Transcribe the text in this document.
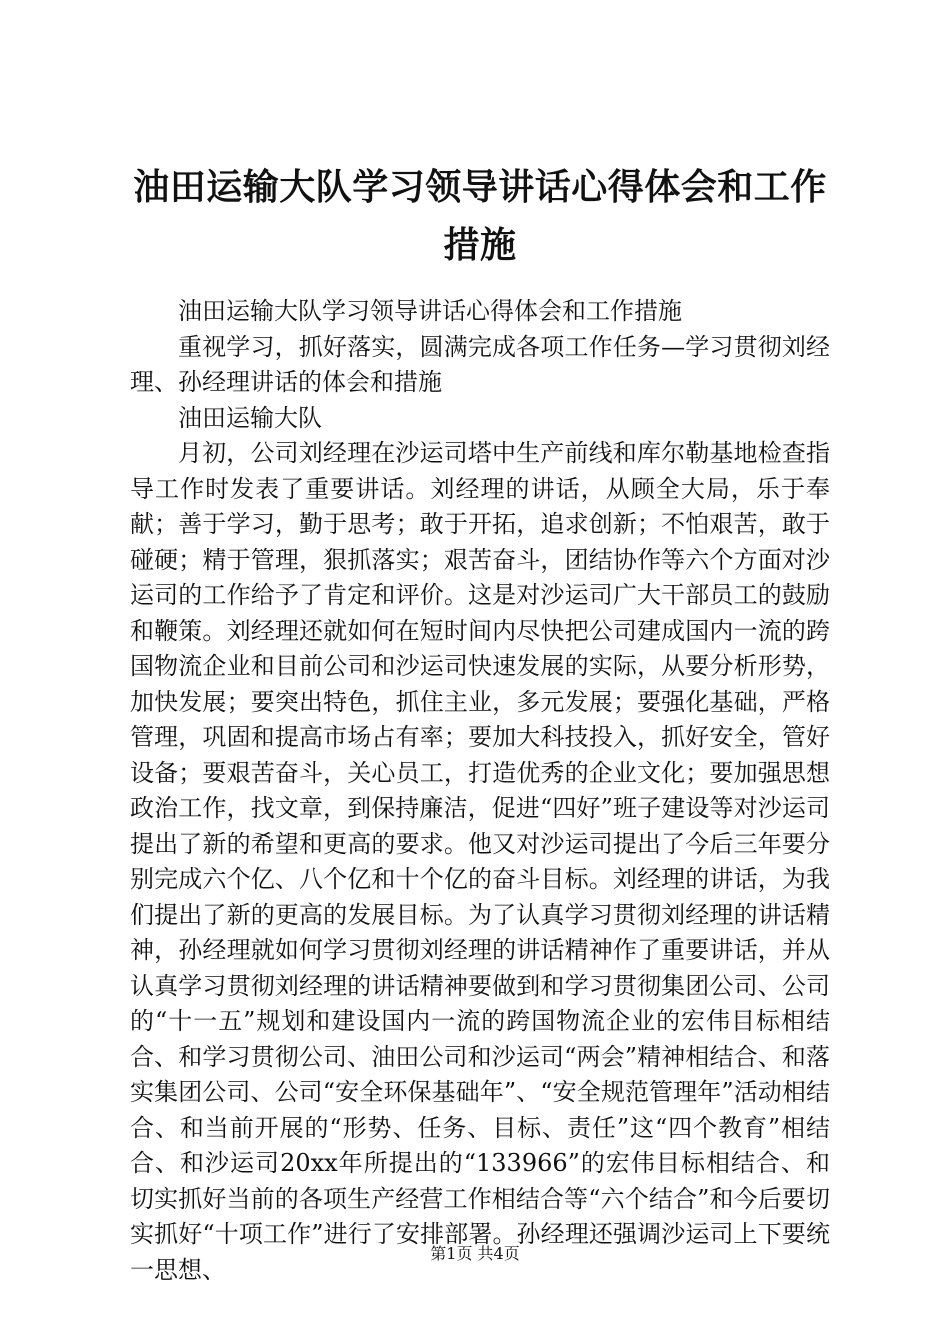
油田运输大队学习领导讲话心得体会和工作措施

油田运输大队学习领导讲话心得体会和工作措施

重视学习，抓好落实，圆满完成各项工作任务—学习贯彻刘经理、孙经理讲话的体会和措施

油田运输大队

月初，公司刘经理在沙运司塔中生产前线和库尔勒基地检查指导工作时发表了重要讲话。刘经理的讲话，从顾全大局，乐于奉献；善于学习，勤于思考；敢于开拓，追求创新；不怕艰苦，敢于碰硬；精于管理，狠抓落实；艰苦奋斗，团结协作等六个方面对沙运司的工作给予了肯定和评价。这是对沙运司广大干部员工的鼓励和鞭策。刘经理还就如何在短时间内尽快把公司建成国内一流的跨国物流企业和目前公司和沙运司快速发展的实际，从要分析形势，加快发展；要突出特色，抓住主业，多元发展；要强化基础，严格管理，巩固和提高市场占有率；要加大科技投入，抓好安全，管好设备；要艰苦奋斗，关心员工，打造优秀的企业文化；要加强思想政治工作，找文章，到保持廉洁，促进“四好”班子建设等对沙运司提出了新的希望和更高的要求。他又对沙运司提出了今后三年要分别完成六个亿、八个亿和十个亿的奋斗目标。刘经理的讲话，为我们提出了新的更高的发展目标。为了认真学习贯彻刘经理的讲话精神，孙经理就如何学习贯彻刘经理的讲话精神作了重要讲话，并从认真学习贯彻刘经理的讲话精神要做到和学习贯彻集团公司、公司的“十一五”规划和建设国内一流的跨国物流企业的宏伟目标相结合、和学习贯彻公司、油田公司和沙运司“两会”精神相结合、和落实集团公司、公司“安全环保基础年”、“安全规范管理年”活动相结合、和当前开展的“形势、任务、目标、责任”这“四个教育”相结合、和沙运司20xx年所提出的“133966”的宏伟目标相结合、和切实抓好当前的各项生产经营工作相结合等“六个结合”和今后要切实抓好“十项工作”进行了安排部署。孙经理还强调沙运司上下要统一思想、

第1页 共4页
